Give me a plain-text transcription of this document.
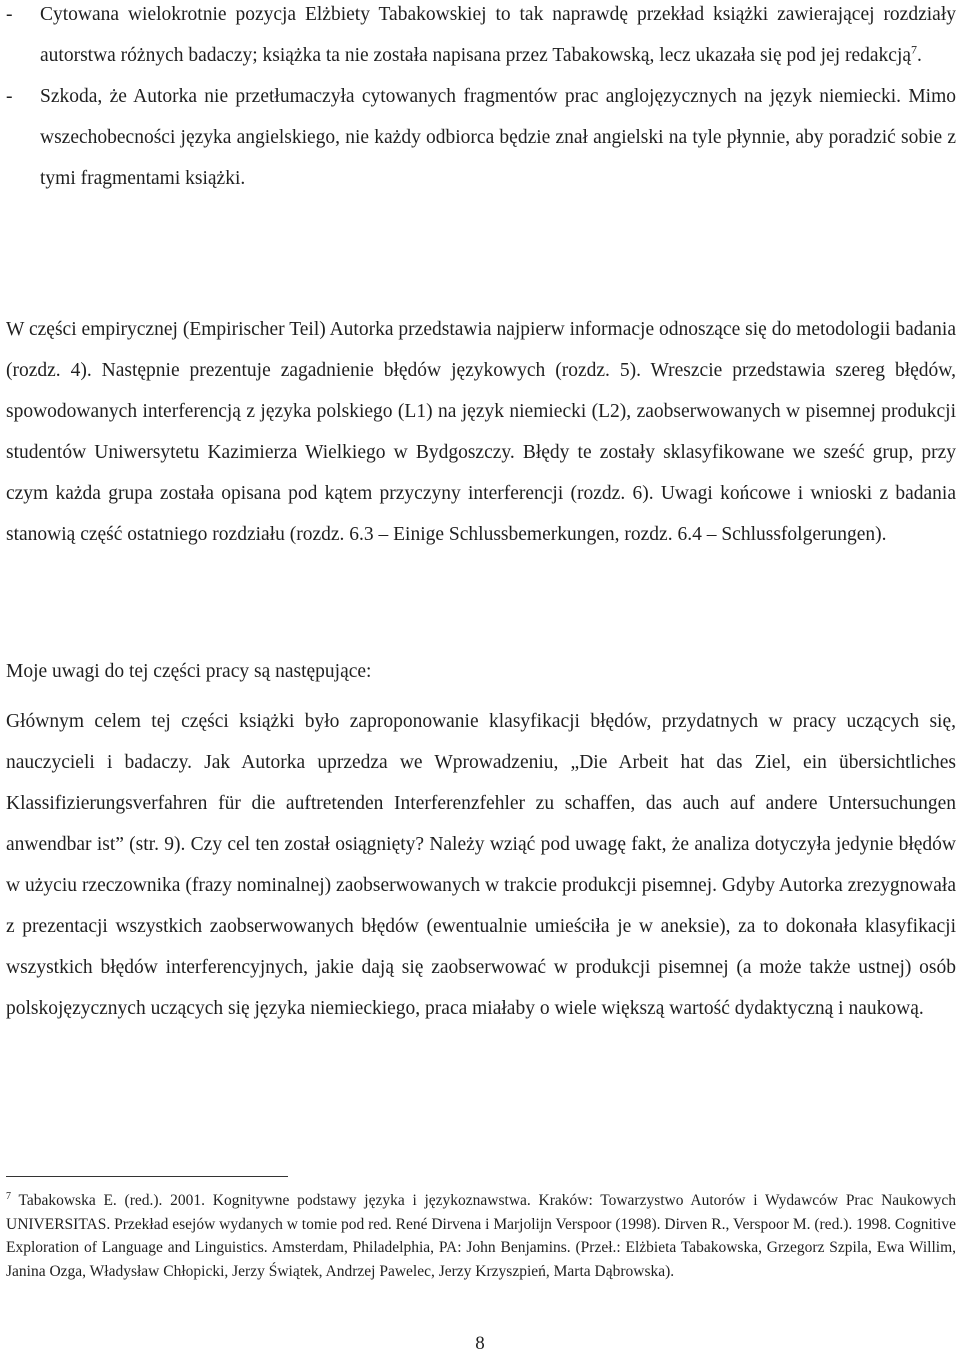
- Cytowana wielokrotnie pozycja Elżbiety Tabakowskiej to tak naprawdę przekład książki zawierającej rozdziały autorstwa różnych badaczy; książka ta nie została napisana przez Tabakowską, lecz ukazała się pod jej redakcją$^7$.
- Szkoda, że Autorka nie przetłumaczyła cytowanych fragmentów prac anglojęzycznych na język niemiecki. Mimo wszechobecności języka angielskiego, nie każdy odbiorca będzie znał angielski na tyle płynnie, aby poradzić sobie z tymi fragmentami książki.
W części empirycznej (Empirischer Teil) Autorka przedstawia najpierw informacje odnoszące się do metodologii badania (rozdz. 4). Następnie prezentuje zagadnienie błędów językowych (rozdz. 5). Wreszcie przedstawia szereg błędów, spowodowanych interferencją z języka polskiego (L1) na język niemiecki (L2), zaobserwowanych w pisemnej produkcji studentów Uniwersytetu Kazimierza Wielkiego w Bydgoszczy. Błędy te zostały sklasyfikowane we sześć grup, przy czym każda grupa została opisana pod kątem przyczyny interferencji (rozdz. 6). Uwagi końcowe i wnioski z badania stanowią część ostatniego rozdziału (rozdz. 6.3 – Einige Schlussbemerkungen, rozdz. 6.4 – Schlussfolgerungen).
Moje uwagi do tej części pracy są następujące:
Głównym celem tej części książki było zaproponowanie klasyfikacji błędów, przydatnych w pracy uczących się, nauczycieli i badaczy. Jak Autorka uprzedza we Wprowadzeniu, „Die Arbeit hat das Ziel, ein übersichtliches Klassifizierungsverfahren für die auftretenden Interferenzfehler zu schaffen, das auch auf andere Untersuchungen anwendbar ist” (str. 9). Czy cel ten został osiągnięty? Należy wziąć pod uwagę fakt, że analiza dotyczyła jedynie błędów w użyciu rzeczownika (frazy nominalnej) zaobserwowanych w trakcie produkcji pisemnej. Gdyby Autorka zrezygnowała z prezentacji wszystkich zaobserwowanych błędów (ewentualnie umieściła je w aneksie), za to dokonała klasyfikacji wszystkich błędów interferencyjnych, jakie dają się zaobserwować w produkcji pisemnej (a może także ustnej) osób polskojęzycznych uczących się języka niemieckiego, praca miałaby o wiele większą wartość dydaktyczną i naukową.
$^7$ Tabakowska E. (red.). 2001. Kognitywne podstawy języka i językoznawstwa. Kraków: Towarzystwo Autorów i Wydawców Prac Naukowych UNIVERSITAS. Przekład esejów wydanych w tomie pod red. René Dirvena i Marjolijn Verspoor (1998). Dirven R., Verspoor M. (red.). 1998. Cognitive Exploration of Language and Linguistics. Amsterdam, Philadelphia, PA: John Benjamins. (Przeł.: Elżbieta Tabakowska, Grzegorz Szpila, Ewa Willim, Janina Ozga, Władysław Chłopicki, Jerzy Świątek, Andrzej Pawelec, Jerzy Krzyszpień, Marta Dąbrowska).
8
